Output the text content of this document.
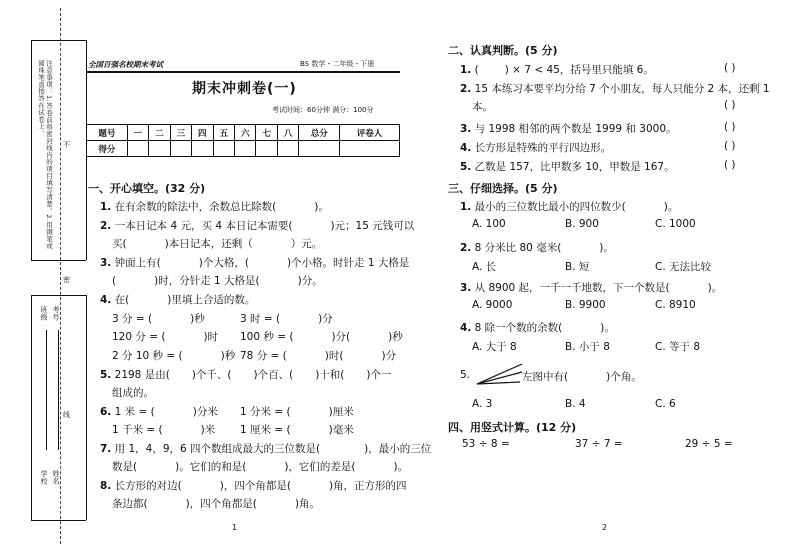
注意事项：1.答卷前将密封线内的项目填写清楚。2.用钢笔或圆珠笔直接答在试卷上。
班级 考号
学校 姓名
不
密
线
全国百强名校期末考试	BS 数学・二年级・下册
期末冲刺卷(一)
考试时间：60分钟 满分：100分
题号	一	二	三	四	五	六	七	八	总分	评卷人
得分										
一、开心填空。(32 分)
1. 在有余数的除法中，余数总比除数(	)。
2. 一本日记本 4 元，买 4 本日记本需要(	)元；15 元钱可以
买(	)本日记本，还剩（	）元。
3. 钟面上有(	)个大格，(	)个小格。时针走 1 大格是
(	)时，分针走 1 大格是(	)分。
4. 在(	)里填上合适的数。
3 分 = (	)秒	3 时 = (	)分
120 分 = (	)时 100 秒 = (	)分(	)秒
2 分 10 秒 = (	)秒 78 分 = (	)时(	)分
5. 2198 是由( )个千、( )个百、( )十和( )个一
组成的。
6. 1 米 = (	)分米 1 分米 = (	)厘米
1 千米 = (	)米 1 厘米 = (	)毫米
7. 用 1，4，9，6 四个数组成最大的三位数是(	)，最小的三位
数是(	)。它们的和是(	)，它们的差是(	)。
8. 长方形的对边(	)，四个角都是(	)角，正方形的四
条边都(	)，四个角都是(	)角。
1
二、认真判断。(5 分)
1. ( ) × 7 < 45，括号里只能填 6。	( )
2. 15 本练习本要平均分给 7 个小朋友，每人只能分 2 本，还剩 1
本。	( )
3. 与 1998 相邻的两个数是 1999 和 3000。	( )
4. 长方形是特殊的平行四边形。	( )
5. 乙数是 157，比甲数多 10，甲数是 167。	( )
三、仔细选择。(5 分)
1. 最小的三位数比最小的四位数少(	)。
A. 100	B. 900	C. 1000
2. 8 分米比 80 毫米(	)。
A. 长	B. 短	C. 无法比较
3. 从 8900 起，一千一千地数，下一个数是(	)。
A. 9000	B. 9900	C. 8910
4. 8 除一个数的余数(	)。
A. 大于 8	B. 小于 8	C. 等于 8
5.	左图中有(	)个角。
A. 3	B. 4	C. 6
四、用竖式计算。(12 分)
53 ÷ 8 =	37 ÷ 7 =	29 ÷ 5 =
2
